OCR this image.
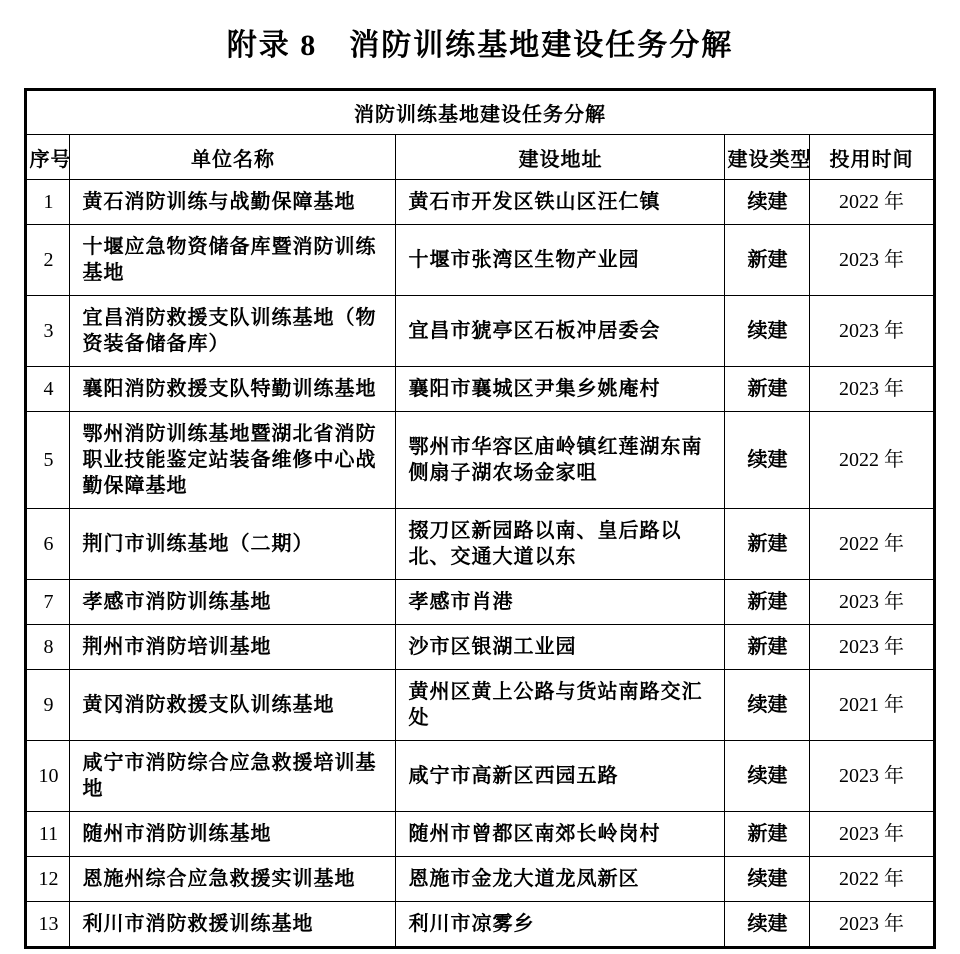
附录 8　消防训练基地建设任务分解
消防训练基地建设任务分解				
序号	单位名称	建设地址	建设类型	投用时间
1	黄石消防训练与战勤保障基地	黄石市开发区铁山区汪仁镇	续建	2022 年
2	十堰应急物资储备库暨消防训练基地	十堰市张湾区生物产业园	新建	2023 年
3	宜昌消防救援支队训练基地（物资装备储备库）	宜昌市猇亭区石板冲居委会	续建	2023 年
4	襄阳消防救援支队特勤训练基地	襄阳市襄城区尹集乡姚庵村	新建	2023 年
5	鄂州消防训练基地暨湖北省消防职业技能鉴定站装备维修中心战勤保障基地	鄂州市华容区庙岭镇红莲湖东南侧扇子湖农场金家咀	续建	2022 年
6	荆门市训练基地（二期）	掇刀区新园路以南、皇后路以北、交通大道以东	新建	2022 年
7	孝感市消防训练基地	孝感市肖港	新建	2023 年
8	荆州市消防培训基地	沙市区银湖工业园	新建	2023 年
9	黄冈消防救援支队训练基地	黄州区黄上公路与货站南路交汇处	续建	2021 年
10	咸宁市消防综合应急救援培训基地	咸宁市高新区西园五路	续建	2023 年
11	随州市消防训练基地	随州市曾都区南郊长岭岗村	新建	2023 年
12	恩施州综合应急救援实训基地	恩施市金龙大道龙凤新区	续建	2022 年
13	利川市消防救援训练基地	利川市凉雾乡	续建	2023 年
